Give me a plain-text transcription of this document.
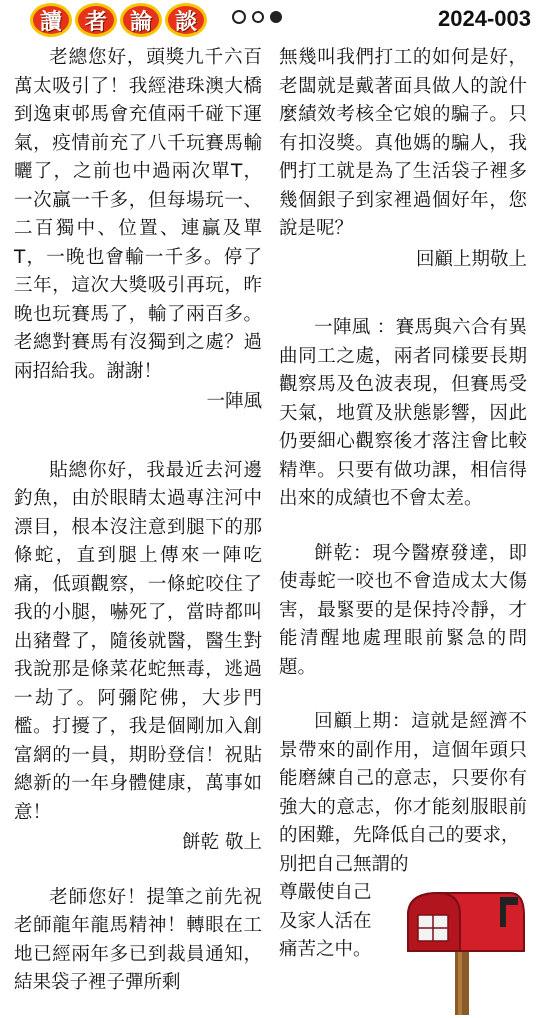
讀	者	論	談	2024-003

老總您好，頭獎九千六百萬太吸引了！我經港珠澳大橋到逸東邨馬會充值兩千碰下運氣，疫情前充了八千玩賽馬輸曬了，之前也中過兩次單T，一次贏一千多，但每場玩一、二百獨中、位置、連贏及單T，一晚也會輸一千多。停了三年，這次大獎吸引再玩，昨晚也玩賽馬了，輸了兩百多。老總對賽馬有沒獨到之處？過兩招給我。謝謝！

一陣風

貼總你好，我最近去河邊釣魚，由於眼睛太過專注河中漂目，根本沒注意到腿下的那條蛇，直到腿上傳來一陣吃痛，低頭觀察，一條蛇咬住了我的小腿，嚇死了，當時都叫出豬聲了，隨後就醫，醫生對我說那是條菜花蛇無毒，逃過一劫了。阿彌陀佛，大步門檻。打擾了，我是個剛加入創富網的一員，期盼登信！祝貼總新的一年身體健康，萬事如意！

餅乾 敬上

老師您好！提筆之前先祝老師龍年龍馬精神！轉眼在工地已經兩年多已到裁員通知，結果袋子裡子彈所剩

無幾叫我們打工的如何是好，老闆就是戴著面具做人的說什麼績效考核全它娘的騙子。只有扣沒獎。真他媽的騙人，我們打工就是為了生活袋子裡多幾個銀子到家裡過個好年，您說是呢？

回顧上期敬上

一陣風 ：賽馬與六合有異曲同工之處，兩者同樣要長期觀察馬及色波表現，但賽馬受天氣，地質及狀態影響，因此仍要細心觀察後才落注會比較精準。只要有做功課，相信得出來的成績也不會太差。

餅乾：現今醫療發達，即使毒蛇一咬也不會造成太大傷害，最緊要的是保持冷靜，才能清醒地處理眼前緊急的問題。

回顧上期：這就是經濟不景帶來的副作用，這個年頭只能磨練自己的意志，只要你有強大的意志，你才能刻服眼前的困難，先降低自己的要求，

別把自己無謂的

尊嚴使自己

及家人活在

痛苦之中。
